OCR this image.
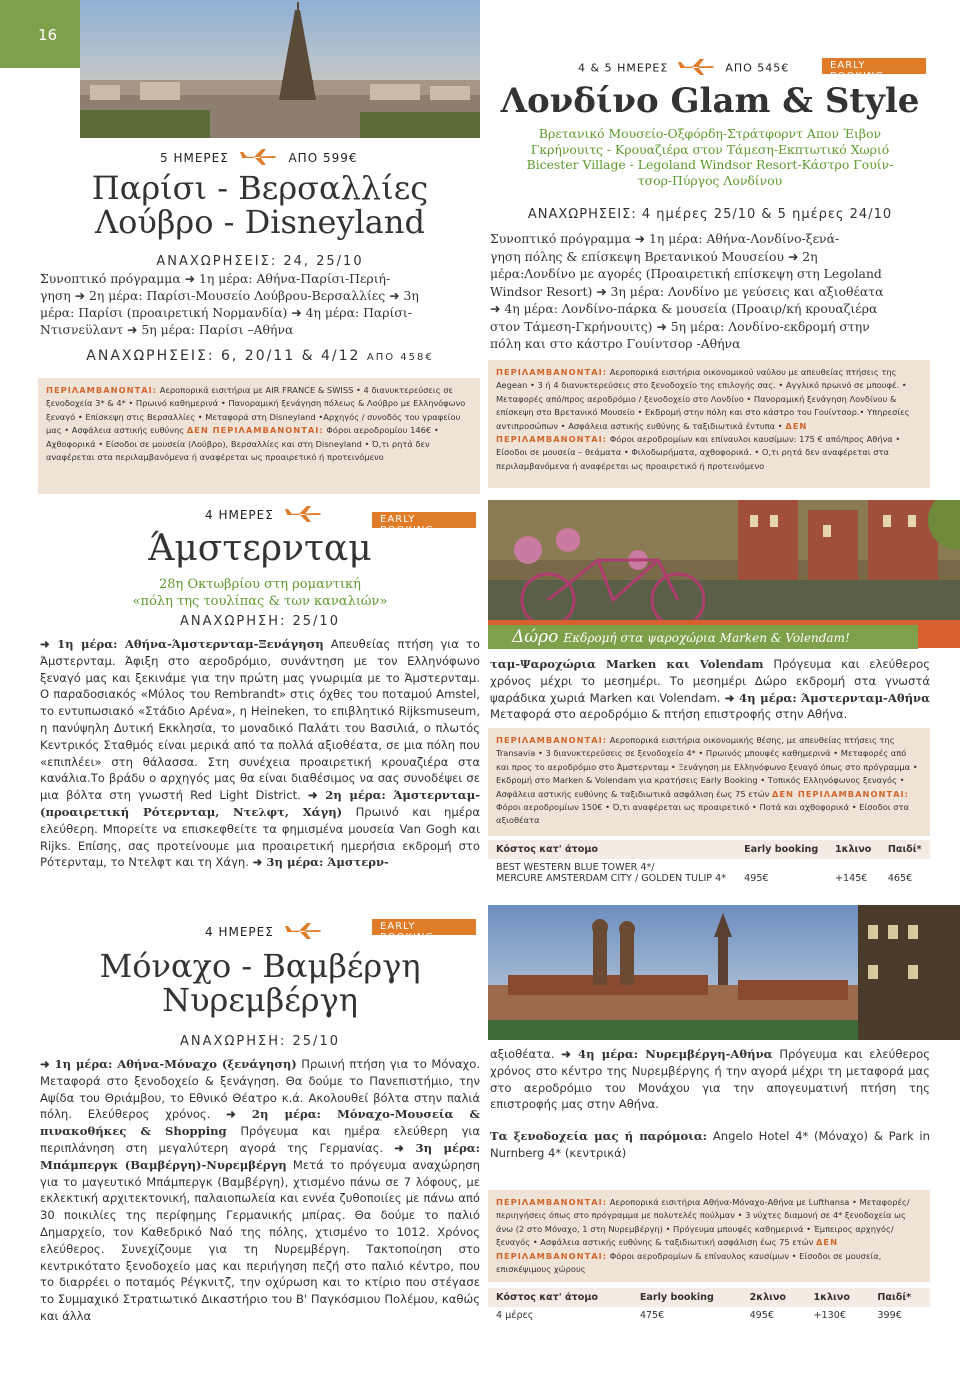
16
5 ΗΜΕΡΕΣ	ΑΠΟ 599€
Παρίσι - Βερσαλλίες
Λούβρο - Disneyland
ΑΝΑΧΩΡΗΣΕΙΣ: 24, 25/10
Συνοπτικό πρόγραμμα ➜ 1η μέρα: Αθήνα-Παρίσι-Περιή-
γηση ➜ 2η μέρα: Παρίσι-Μουσείο Λούβρου-Βερσαλλίες ➜ 3η
μέρα: Παρίσι (προαιρετική Νορμανδία) ➜ 4η μέρα: Παρίσι-
Ντισνεϋλαντ ➜ 5η μέρα: Παρίσι –Αθήνα
ΑΝΑΧΩΡΗΣΕΙΣ: 6, 20/11 & 4/12 ΑΠΟ 458€
ΠΕΡΙΛΑΜΒΑΝΟΝΤΑΙ: Αεροπορικά εισιτήρια με AIR FRANCE & SWISS • 4 διανυκτερεύσεις σε ξενοδοχεία 3* & 4* • Πρωινό καθημερινά • Πανοραμική ξενάγηση πόλεως & Λούβρο με Ελληνόφωνο ξεναγό • Επίσκεψη στις Βερσαλλίες • Μεταφορά στη Disneyland •Αρχηγός / συνοδός του γραφείου μας • Ασφάλεια αστικής ευθύνης ΔΕΝ ΠΕΡΙΛΑΜΒΑΝΟΝΤΑΙ: Φόροι αεροδρομίου 146€ • Αχθοφορικά • Είσοδοι σε μουσεία (Λούβρο), Βερσαλλίες και στη Disneyland • Ό,τι ρητά δεν αναφέρεται στα περιλαμβανόμενα ή αναφέρεται ως προαιρετικό ή προτεινόμενο
4 & 5 ΗΜΕΡΕΣ	ΑΠΟ 545€	EARLY BOOKING
Λονδίνο Glam & Style
Βρετανικό Μουσείο-Οξφόρδη-Στράτφορντ Απον Έιβον
Γκρήνουιτς - Κρουαζιέρα στον Τάμεση-Εκπτωτικό Χωριό
Bicester Village - Legoland Windsor Resort-Κάστρο Γουίν-
τσορ-Πύργος Λονδίνου
ΑΝΑΧΩΡΗΣΕΙΣ: 4 ημέρες 25/10 & 5 ημέρες 24/10
Συνοπτικό πρόγραμμα ➜ 1η μέρα: Αθήνα-Λονδίνο-ξενά-
γηση πόλης & επίσκεψη Βρετανικού Μουσείου ➜ 2η
μέρα:Λονδίνο με αγορές (Προαιρετική επίσκεψη στη Legoland
Windsor Resort) ➜ 3η μέρα: Λονδίνο με γεύσεις και αξιοθέατα
➜ 4η μέρα: Λονδίνο-πάρκα & μουσεία (Προαιρ/κή κρουαζιέρα
στον Τάμεση-Γκρήνουιτς) ➜ 5η μέρα: Λονδίνο-εκδρομή στην
πόλη και στο κάστρο Γουίντσορ -Αθήνα
ΠΕΡΙΛΑΜΒΑΝΟΝΤΑΙ: Αεροπορικά εισιτήρια οικονομικού ναύλου με απευθείας πτήσεις της Aegean • 3 ή 4 διανυκτερεύσεις στο ξενοδοχείο της επιλογής σας. • Αγγλικό πρωινό σε μπουφέ. • Μεταφορές από/προς αεροδρόμιο / ξενοδοχείο στο Λονδίνο • Πανοραμική ξενάγηση Λονδίνου & επίσκεψη στο Βρετανικό Μουσείο • Εκδρομή στην πόλη και στο κάστρο του Γουίντσορ.• Υπηρεσίες αντιπροσώπων • Ασφάλεια αστικής ευθύνης & ταξιδιωτικά έντυπα • ΔΕΝ ΠΕΡΙΛΑΜΒΑΝΟΝΤΑΙ: Φόροι αεροδρομίων και επίναυλοι καυσίμων: 175 € από/προς Αθήνα • Είσοδοι σε μουσεία – θεάματα • Φιλοδωρήματα, αχθοφορικά. • Ο,τι ρητά δεν αναφέρεται στα περιλαμβανόμενα ή αναφέρεται ως προαιρετικό ή προτεινόμενο
4 ΗΜΕΡΕΣ	EARLY BOOKING
Άμστερνταμ
28η Οκτωβρίου στη ρομαντική
«πόλη της τουλίπας & των καναλιών»
ΑΝΑΧΩΡΗΣΗ: 25/10
➜ 1η μέρα: Αθήνα-Άμστερνταμ-Ξενάγηση Απευθείας πτήση για το Άμστερνταμ. Άφιξη στο αεροδρόμιο, συνάντηση με τον Ελληνόφωνο ξεναγό μας και ξεκινάμε για την πρώτη μας γνωριμία με το Άμστερνταμ. Ο παραδοσιακός «Μύλος του Rembrandt» στις όχθες του ποταμού Amstel, το εντυπωσιακό «Στάδιο Αρένα», η Heineken, το επιβλητικό Rijksmuseum, η πανύψηλη Δυτική Εκκλησία, το μοναδικό Παλάτι του Βασιλιά, ο πλωτός Κεντρικός Σταθμός είναι μερικά από τα πολλά αξιοθέατα, σε μια πόλη που «επιπλέει» στη θάλασσα. Στη συνέχεια προαιρετική κρουαζιέρα στα κανάλια.Το βράδυ ο αρχηγός μας θα είναι διαθέσιμος να σας συνοδέψει σε μια βόλτα στη γνωστή Red Light District. ➜ 2η μέρα: Άμστερνταμ-(προαιρετική Ρότερνταμ, Ντελφτ, Χάγη) Πρωινό και ημέρα ελεύθερη. Μπορείτε να επισκεφθείτε τα φημισμένα μουσεία Van Gogh και Rijks. Επίσης, σας προτείνουμε μια προαιρετική ημερήσια εκδρομή στο Ρότερνταμ, το Ντελφτ και τη Χάγη. ➜ 3η μέρα: Άμστερν-
Δώρο Εκδρομή στα ψαροχώρια Marken & Volendam!
ταμ-Ψαροχώρια Marken και Volendam Πρόγευμα και ελεύθερος χρόνος μέχρι το μεσημέρι. Το μεσημέρι Δώρο εκδρομή στα γνωστά ψαράδικα χωριά Marken και Volendam. ➜ 4η μέρα: Άμστερνταμ-Αθήνα Μεταφορά στο αεροδρόμιο & πτήση επιστροφής στην Αθήνα.
ΠΕΡΙΛΑΜΒΑΝΟΝΤΑΙ: Αεροπορικά εισιτήρια οικονομικής θέσης, με απευθείας πτήσεις της Transavia • 3 διανυκτερεύσεις σε ξενοδοχείο 4* • Πρωινός μπουφές καθημερινά • Μεταφορές από και προς το αεροδρόμιο στο Άμστερνταμ • Ξενάγηση με Ελληνόφωνο ξεναγό όπως στο πρόγραμμα • Εκδρομή στο Marken & Volendam για κρατήσεις Early Booking • Τοπικός Ελληνόφωνος ξεναγός • Ασφάλεια αστικής ευθύνης & ταξιδιωτικά ασφάλιση έως 75 ετών ΔΕΝ ΠΕΡΙΛΑΜΒΑΝΟΝΤΑΙ: Φόροι αεροδρομίων 150€ • Ό,τι αναφέρεται ως προαιρετικό • Ποτά και αχθοφορικά • Είσοδοι στα αξιοθέατα
Κόστος κατ' άτομο	Early booking	1κλινο	Παιδί*

BEST WESTERN BLUE TOWER 4*/
MERCURE AMSTERDAM CITY / GOLDEN TULIP 4*	495€	+145€	465€
4 ΗΜΕΡΕΣ	EARLY BOOKING
Μόναχο - Βαμβέργη
Νυρεμβέργη
ΑΝΑΧΩΡΗΣΗ: 25/10
➜ 1η μέρα: Αθήνα-Μόναχο (ξενάγηση) Πρωινή πτήση για το Μόναχο. Μεταφορά στο ξενοδοχείο & ξενάγηση. Θα δούμε το Πανεπιστήμιο, την Αψίδα του Θριάμβου, το Εθνικό Θέατρο κ.ά. Ακολουθεί βόλτα στην παλιά πόλη. Ελεύθερος χρόνος. ➜ 2η μέρα: Μόναχο-Μουσεία & πινακοθήκες & Shopping Πρόγευμα και ημέρα ελεύθερη για περιπλάνηση στη μεγαλύτερη αγορά της Γερμανίας. ➜ 3η μέρα: Μπάμπεργκ (Βαμβέργη)-Νυρεμβέργη Μετά το πρόγευμα αναχώρηση για το μαγευτικό Μπάμπεργκ (Βαμβέργη), χτισμένο πάνω σε 7 λόφους, με εκλεκτική αρχιτεκτονική, παλαιοπωλεία και εννέα ζυθοποιίες με πάνω από 30 ποικιλίες της περίφημης Γερμανικής μπίρας. Θα δούμε το παλιό Δημαρχείο, τον Καθεδρικό Ναό της πόλης, χτισμένο το 1012. Χρόνος ελεύθερος. Συνεχίζουμε για τη Νυρεμβέργη. Τακτοποίηση στο κεντρικότατο ξενοδοχείο μας και περιήγηση πεζή στο παλιό κέντρο, που το διαρρέει ο ποταμός Ρέγκνιτζ, την οχύρωση και το κτίριο που στέγασε το Συμμαχικό Στρατιωτικό Δικαστήριο του Β' Παγκόσμιου Πολέμου, καθώς και άλλα
αξιοθέατα. ➜ 4η μέρα: Νυρεμβέργη-Αθήνα Πρόγευμα και ελεύθερος χρόνος στο κέντρο της Νυρεμβέργης ή την αγορά μέχρι τη μεταφορά μας στο αεροδρόμιο του Μονάχου για την απογευματινή πτήση της επιστροφής μας στην Αθήνα.
Τα ξενοδοχεία μας ή παρόμοια: Angelo Hotel 4* (Μόναχο) & Park in Nurnberg 4* (κεντρικά)
ΠΕΡΙΛΑΜΒΑΝΟΝΤΑΙ: Αεροπορικά εισιτήρια Αθήνα-Μόναχο-Αθήνα με Lufthansa • Μεταφορές/περιηγήσεις όπως στο πρόγραμμα με πολυτελές πούλμαν • 3 νύχτες διαμονή σε 4* ξενοδοχεία ως άνω (2 στο Μόναχο, 1 στη Νυρεμβέργη) • Πρόγευμα μπουφές καθημερινά • Έμπειρος αρχηγός/ξεναγός • Ασφάλεια αστικής ευθύνης & ταξιδιωτική ασφάλιση έως 75 ετών ΔΕΝ ΠΕΡΙΛΑΜΒΑΝΟΝΤΑΙ: Φόροι αεροδρομίων & επίναυλος καυσίμων • Είσοδοι σε μουσεία, επισκέψιμους χώρους
Κόστος κατ' άτομο	Early booking	2κλινο	1κλινο	Παιδί*
4 μέρες	475€	495€	+130€	399€
